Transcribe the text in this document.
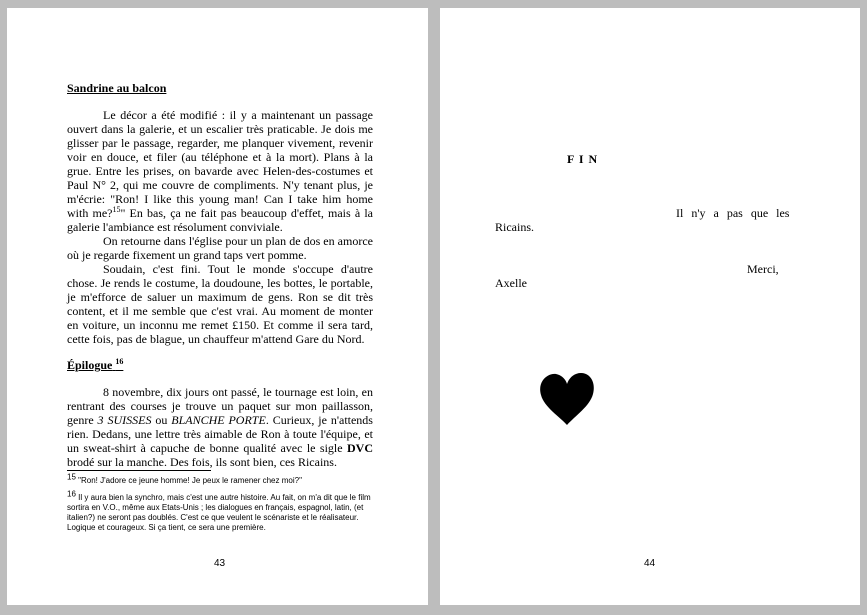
Sandrine au balcon

Le décor a été modifié : il y a maintenant un passage ouvert dans la galerie, et un escalier très praticable. Je dois me glisser par le passage, regarder, me planquer vivement, revenir voir en douce, et filer (au téléphone et à la mort). Plans à la grue. Entre les prises, on bavarde avec Helen-des-costumes et Paul N° 2, qui me couvre de compliments. N'y tenant plus, je m'écrie: "Ron! I like this young man! Can I take him home with me?$^{15}$" En bas, ça ne fait pas beaucoup d'effet, mais à la galerie l'ambiance est résolument conviviale.

On retourne dans l'église pour un plan de dos en amorce où je regarde fixement un grand taps vert pomme.

Soudain, c'est fini. Tout le monde s'occupe d'autre chose. Je rends le costume, la doudoune, les bottes, le portable, je m'efforce de saluer un maximum de gens. Ron se dit très content, et il me semble que c'est vrai. Au moment de monter en voiture, un inconnu me remet £150. Et comme il sera tard, cette fois, pas de blague, un chauffeur m'attend Gare du Nord.

Épilogue $^{16}$

8 novembre, dix jours ont passé, le tournage est loin, en rentrant des courses je trouve un paquet sur mon paillasson, genre 3 SUISSES ou BLANCHE PORTE. Curieux, je n'attends rien. Dedans, une lettre très aimable de Ron à toute l'équipe, et un sweat-shirt à capuche de bonne qualité avec le sigle DVC brodé sur la manche. Des fois, ils sont bien, ces Ricains.

$^{15}$ "Ron! J'adore ce jeune homme! Je peux le ramener chez moi?"
$^{16}$ Il y aura bien la synchro, mais c'est une autre histoire. Au fait, on m'a dit que le film sortira en V.O., même aux Etats-Unis ; les dialogues en français, espagnol, latin, (et italien?) ne seront pas doublés. C'est ce que veulent le scénariste et le réalisateur. Logique et courageux. Si ça tient, ce sera une première.
43
F I N
Il n'y a pas que les
Ricains.
Merci,
Axelle
44
